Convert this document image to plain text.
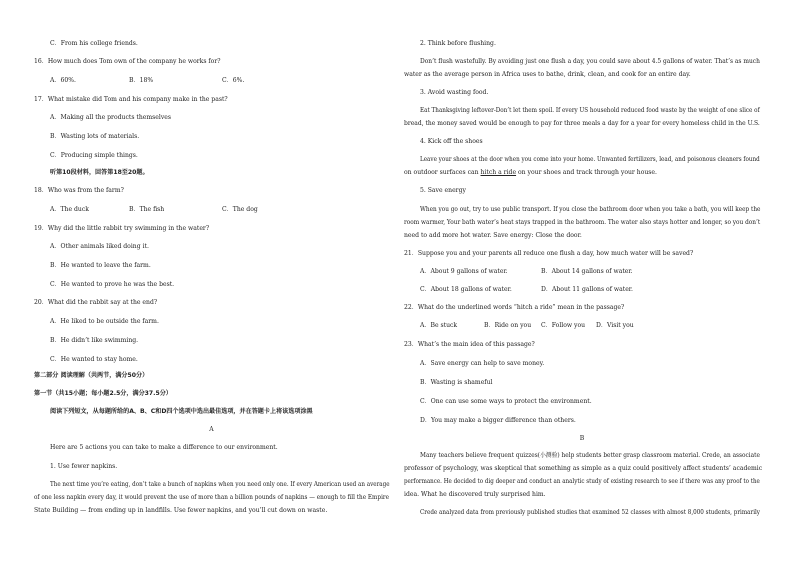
C．From his college friends.
16．How much does Tom own of the company he works for?
A．60%.	B．18%	C．6%.
17．What mistake did Tom and his company make in the past?
A．Making all the products themselves
B．Wasting lots of materials.
C．Producing simple things.
听第10段材料，回答第18至20题。
18．Who was from the farm?
A．The duck	B．The fish	C．The dog
19．Why did the little rabbit try swimming in the water?
A．Other animals liked doing it.
B．He wanted to leave the farm.
C．He wanted to prove he was the best.
20．What did the rabbit say at the end?
A．He liked to be outside the farm.
B．He didn’t like swimming.
C．He wanted to stay home.
第二部分 阅读理解（共两节，满分50分）
第一节（共15小题；每小题2.5分，满分37.5分）
阅读下列短文，从每题所给的A、B、C和D四个选项中选出最佳选项，并在答题卡上将该选项涂黑
A
Here are 5 actions you can take to make a difference to our environment.
1. Use fewer napkins.
The next time you’re eating, don’t take a bunch of napkins when you need only one. If every American used an average
of one less napkin every day, it would prevent the use of more than a billion pounds of napkins — enough to fill the Empire
State Building — from ending up in landfills. Use fewer napkins, and you’ll cut down on waste.
2. Think before flushing.
Don’t flush wastefully. By avoiding just one flush a day, you could save about 4.5 gallons of water. That’s as much
water as the average person in Africa uses to bathe, drink, clean, and cook for an entire day.
3. Avoid wasting food.
Eat Thanksgiving leftover-Don’t let them spoil. If every US household reduced food waste by the weight of one slice of
bread, the money saved would be enough to pay for three meals a day for a year for every homeless child in the U.S.
4. Kick off the shoes
Leave your shoes at the door when you come into your home. Unwanted fertilizers, lead, and poisonous cleaners found
on outdoor surfaces can hitch a ride on your shoes and track through your house.
5. Save energy
When you go out, try to use public transport. If you close the bathroom door when you take a bath, you will keep the
room warmer, Your bath water’s heat stays trapped in the bathroom. The water also stays hotter and longer, so you don’t
need to add more hot water. Save energy: Close the door.
21．Suppose you and your parents all reduce one flush a day, how much water will be saved?
A．About 9 gallons of water.	B．About 14 gallons of water.
C．About 18 gallons of water.	D．About 11 gallons of water.
22．What do the underlined words “hitch a ride” mean in the passage?
A．Be stuck	B．Ride on you C．Follow you D．Visit you
23．What’s the main idea of this passage?
A．Save energy can help to save money.
B．Wasting is shameful
C．One can use some ways to protect the environment.
D．You may make a bigger difference than others.
B
Many teachers believe frequent quizzes(小测验) help students better grasp classroom material. Crede, an associate
professor of psychology, was skeptical that something as simple as a quiz could positively affect students’ academic
performance. He decided to dig deeper and conduct an analytic study of existing research to see if there was any proof to the
idea. What he discovered truly surprised him.
Crede analyzed data from previously published studies that examined 52 classes with almost 8,000 students, primarily
